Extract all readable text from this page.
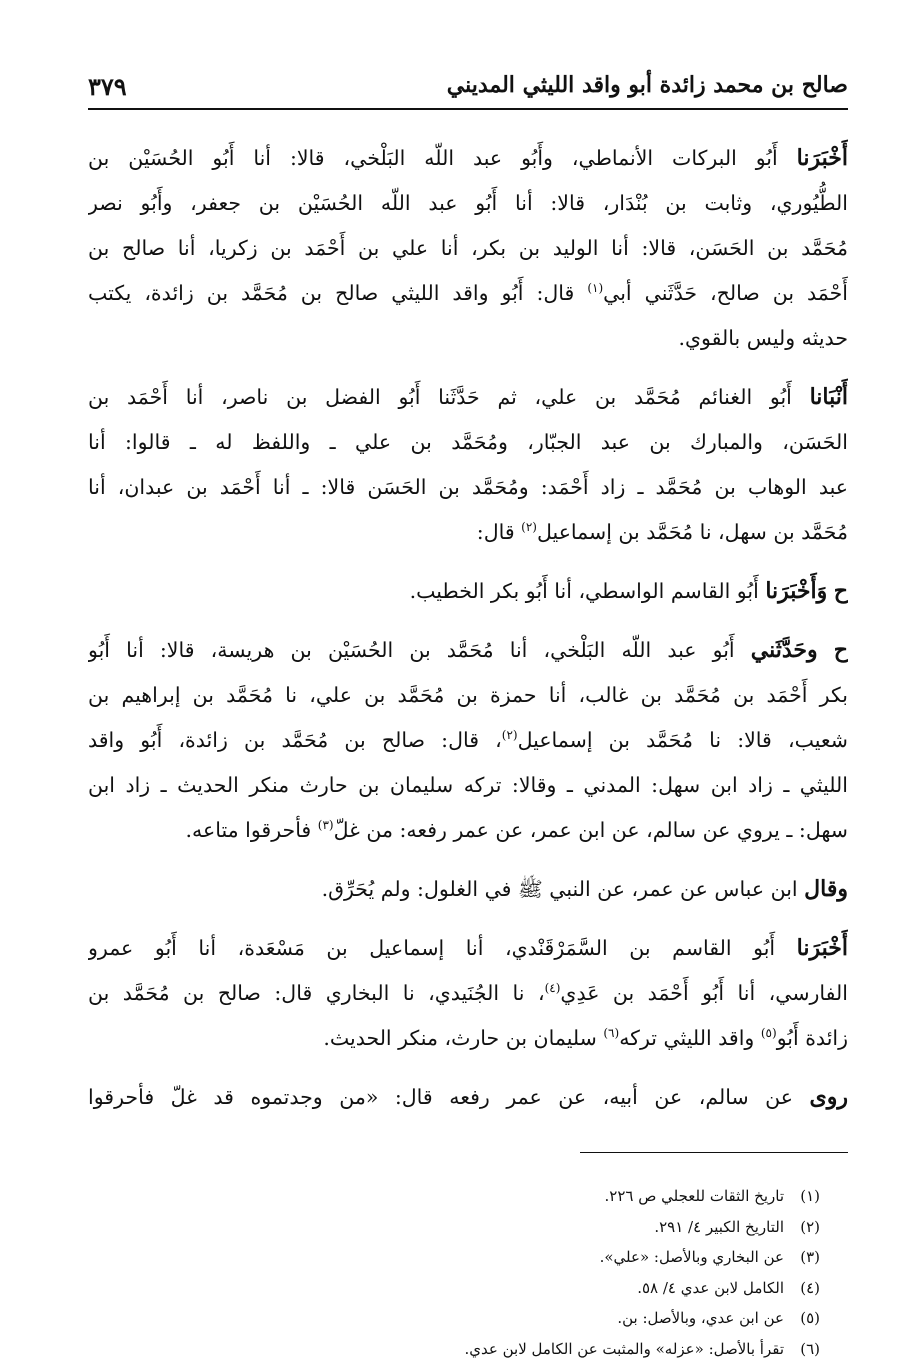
صالح بن محمد زائدة أبو واقد الليثي المديني
٣٧٩
أَخْبَرَنا أَبُو البركات الأنماطي، وأَبُو عبد اللّه البَلْخي، قالا: أنا أَبُو الحُسَيْن بن
الطُّيُوري، وثابت بن بُنْدَار، قالا: أنا أَبُو عبد اللّه الحُسَيْن بن جعفر، وأَبُو نصر
مُحَمَّد بن الحَسَن، قالا: أنا الوليد بن بكر، أنا علي بن أَحْمَد بن زكريا، أنا صالح بن
أَحْمَد بن صالح، حَدَّثَني أبي$^{(١)}$ قال: أَبُو واقد الليثي صالح بن مُحَمَّد بن زائدة، يكتب
حديثه وليس بالقوي.
أَنْبَانا أَبُو الغنائم مُحَمَّد بن علي، ثم حَدَّثَنا أَبُو الفضل بن ناصر، أنا أَحْمَد بن
الحَسَن، والمبارك بن عبد الجبّار، ومُحَمَّد بن علي ـ واللفظ له ـ قالوا: أنا
عبد الوهاب بن مُحَمَّد ـ زاد أَحْمَد: ومُحَمَّد بن الحَسَن قالا: ـ أنا أَحْمَد بن عبدان، أنا
مُحَمَّد بن سهل، نا مُحَمَّد بن إسماعيل$^{(٢)}$ قال:
ح وَأَخْبَرَنا أَبُو القاسم الواسطي، أنا أَبُو بكر الخطيب.
ح وحَدَّثَني أَبُو عبد اللّه البَلْخي، أنا مُحَمَّد بن الحُسَيْن بن هريسة، قالا: أنا أَبُو
بكر أَحْمَد بن مُحَمَّد بن غالب، أنا حمزة بن مُحَمَّد بن علي، نا مُحَمَّد بن إبراهيم بن
شعيب، قالا: نا مُحَمَّد بن إسماعيل$^{(٢)}$، قال: صالح بن مُحَمَّد بن زائدة، أَبُو واقد
الليثي ـ زاد ابن سهل: المدني ـ وقالا: تركه سليمان بن حارث منكر الحديث ـ زاد ابن
سهل: ـ يروي عن سالم، عن ابن عمر، عن عمر رفعه: من غلّ$^{(٣)}$ فأحرقوا متاعه.
وقال ابن عباس عن عمر، عن النبي ﷺ في الغلول: ولم يُحَرِّق.
أَخْبَرَنا أَبُو القاسم بن السَّمَرْقَنْدي، أنا إسماعيل بن مَسْعَدة، أنا أَبُو عمرو
الفارسي، أنا أَبُو أَحْمَد بن عَدِي$^{(٤)}$، نا الجُنَيدي، نا البخاري قال: صالح بن مُحَمَّد بن
زائدة أَبُو$^{(٥)}$ واقد الليثي تركه$^{(٦)}$ سليمان بن حارث، منكر الحديث.
روى عن سالم، عن أبيه، عن عمر رفعه قال: «من وجدتموه قد غلّ فأحرقوا
(١)تاريخ الثقات للعجلي ص ٢٢٦.
(٢)التاريخ الكبير ٤/ ٢٩١.
(٣)عن البخاري وبالأصل: «علي».
(٤)الكامل لابن عدي ٤/ ٥٨.
(٥)عن ابن عدي، وبالأصل: بن.
(٦)تقرأ بالأصل: «عزله» والمثبت عن الكامل لابن عدي.
